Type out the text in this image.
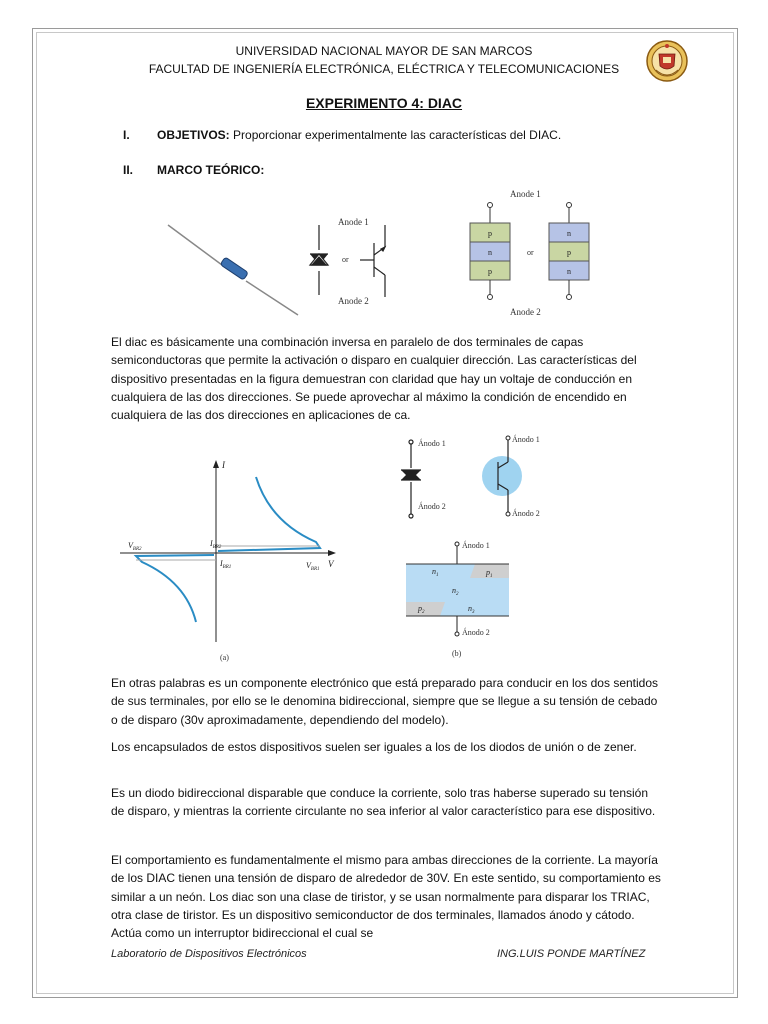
UNIVERSIDAD NACIONAL MAYOR DE SAN MARCOS
FACULTAD DE INGENIERÍA ELECTRÓNICA, ELÉCTRICA Y TELECOMUNICACIONES
EXPERIMENTO 4: DIAC
I. OBJETIVOS: Proporcionar experimentalmente las características del DIAC.
II. MARCO TEÓRICO:
or
Anode 1
Anode 2
Anode 1
Anode 2
p
n
p
or
n
p
n
El diac es básicamente una combinación inversa en paralelo de dos terminales de capas semiconductoras que permite la activación o disparo en cualquier dirección. Las características del dispositivo presentadas en la figura demuestran con claridad que hay un voltaje de conducción en cualquiera de las dos direcciones. Se puede aprovechar al máximo la condición de encendido en cualquiera de las dos direcciones en aplicaciones de ca.
I
V
$V_{BR2}$
$V_{BR1}$
$I_{BR2}$
$I_{BR1}$
(a)
Ánodo 1
Ánodo 2
Ánodo 1
Ánodo 2
$n_1$
$n_2$
$n_3$
$p_1$
$p_2$
Ánodo 1
Ánodo 2
(b)
En otras palabras es un componente electrónico que está preparado para conducir en los dos sentidos de sus terminales, por ello se le denomina bidireccional, siempre que se llegue a su tensión de cebado o de disparo (30v aproximadamente, dependiendo del modelo).
Los encapsulados de estos dispositivos suelen ser iguales a los de los diodos de unión o de zener.
Es un diodo bidireccional disparable que conduce la corriente, solo tras haberse superado su tensión de disparo, y mientras la corriente circulante no sea inferior al valor característico para ese dispositivo.
El comportamiento es fundamentalmente el mismo para ambas direcciones de la corriente. La mayoría de los DIAC tienen una tensión de disparo de alrededor de 30V. En este sentido, su comportamiento es similar a un neón. Los diac son una clase de tiristor, y se usan normalmente para disparar los TRIAC, otra clase de tiristor. Es un dispositivo semiconductor de dos terminales, llamados ánodo y cátodo. Actúa como un interruptor bidireccional el cual se
Laboratorio de Dispositivos Electrónicos	ING.LUIS PONDE MARTÍNEZ
